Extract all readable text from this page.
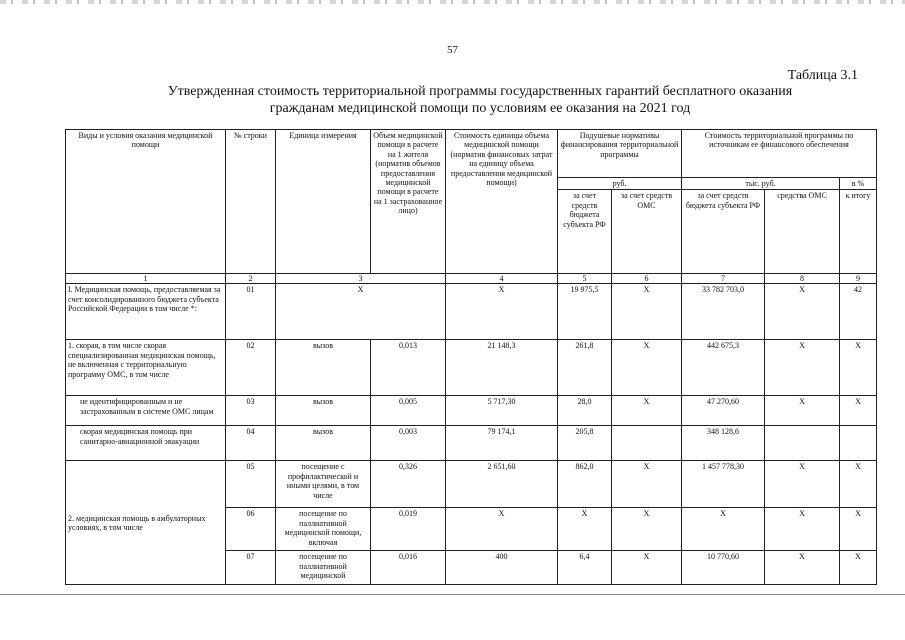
57
Таблица 3.1
Утвержденная стоимость территориальной программы государственных гарантий бесплатного оказания
гражданам медицинской помощи по условиям ее оказания на 2021 год
Виды и условия оказания медицинской помощи	№ строки	Единица измерения	Объем медицинской помощи в расчете на 1 жителя (норматив объемов предоставления медицинской помощи в расчете на 1 застрахованное лицо)	Стоимость единицы объема медицинской помощи (норматив финансовых затрат на единицу объема предоставления медицинской помощи)	Подушевые нормативы финансирования территориальной программы		Стоимость территориальной программы по источникам ее финансового обеспечения		
					руб.		тыс. руб.		в %
					за счет средств бюджета субъекта РФ	за счет средств ОМС	за счет средств бюджета субъекта РФ	средства ОМС	к итогу
1	2	3		4	5	6	7	8	9
I. Медицинская помощь, предоставляемая за счет консолидированного бюджета субъекта Российской Федерации в том числе *:	01	X		X	19 975,5	X	33 782 703,0	X	42
1. скорая, в том числе скорая специализированная медицинская помощь, не включенная с территориальную программу ОМС, в том числе	02	вызов	0,013	21 148,3	261,8	X	442 675,3	X	X
не идентифицированным и не застрахованным в системе ОМС лицам	03	вызов	0,005	5 717,30	28,0	X	47 270,60	X	X
скорая медицинская помощь при санитарно-авиационной эвакуации	04	вызов	0,003	79 174,1	205,8		348 128,6		
2. медицинская помощь в амбулаторных условиях, в том числе	05	посещение с профилактической и иными целями, в том числе	0,326	2 651,60	862,0	X	1 457 778,30	X	X
	06	посещение по паллиативной медицинской помощи, включая	0,019	X	X	X	X	X	X
	07	посещение по паллиативной медицинской	0,016	400	6,4	X	10 770,60	X	X
